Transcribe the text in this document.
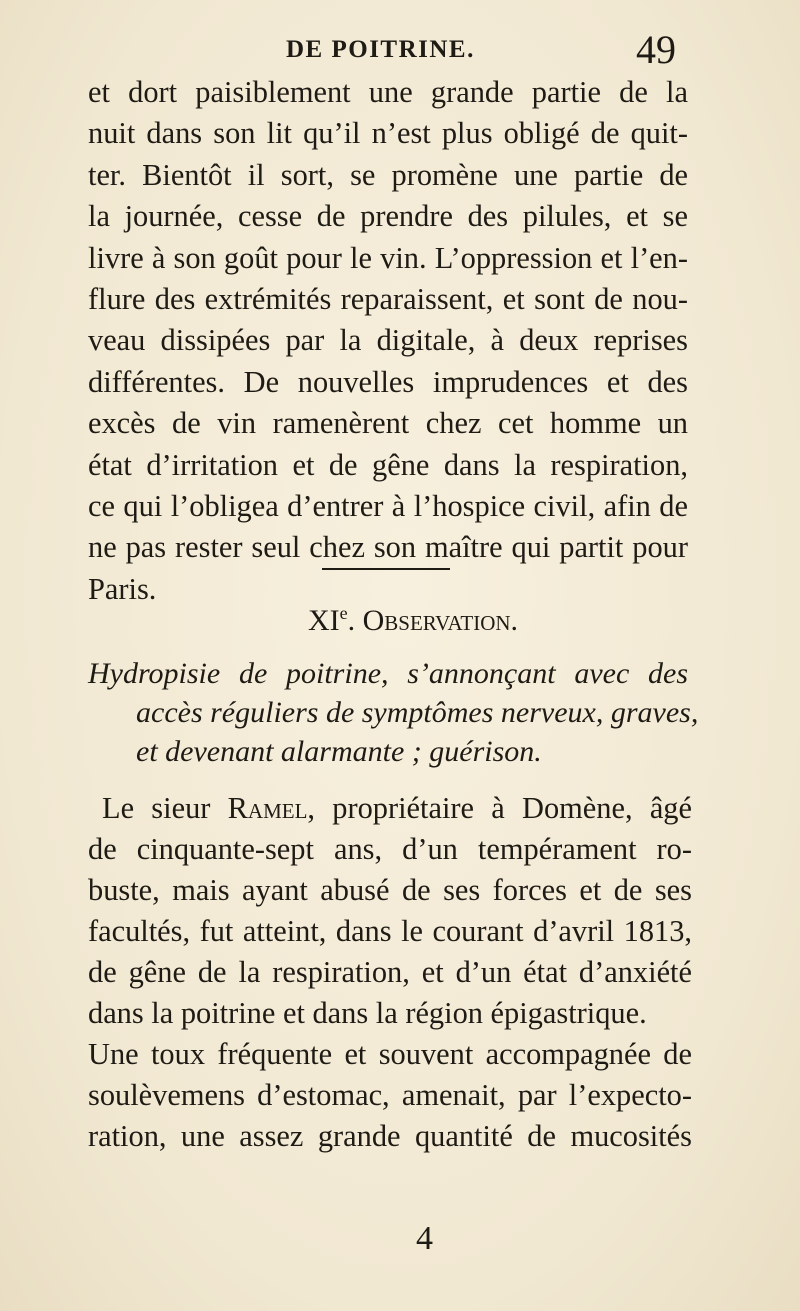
DE POITRINE.	49
et dort paisiblement une grande partie de la
nuit dans son lit qu’il n’est plus obligé de quit-
ter. Bientôt il sort, se promène une partie de
la journée, cesse de prendre des pilules, et se
livre à son goût pour le vin. L’oppression et l’en-
flure des extrémités reparaissent, et sont de nou-
veau dissipées par la digitale, à deux reprises
différentes. De nouvelles imprudences et des
excès de vin ramenèrent chez cet homme un
état d’irritation et de gêne dans la respiration,
ce qui l’obligea d’entrer à l’hospice civil, afin de
ne pas rester seul chez son maître qui partit pour
Paris.
XIe. Observation.
Hydropisie de poitrine, s’annonçant avec des
accès réguliers de symptômes nerveux, graves,
et devenant alarmante ; guérison.
Le sieur Ramel, propriétaire à Domène, âgé
de cinquante-sept ans, d’un tempérament ro-
buste, mais ayant abusé de ses forces et de ses
facultés, fut atteint, dans le courant d’avril 1813,
de gêne de la respiration, et d’un état d’anxiété
dans la poitrine et dans la région épigastrique.
Une toux fréquente et souvent accompagnée de
soulèvemens d’estomac, amenait, par l’expecto-
ration, une assez grande quantité de mucosités
4
